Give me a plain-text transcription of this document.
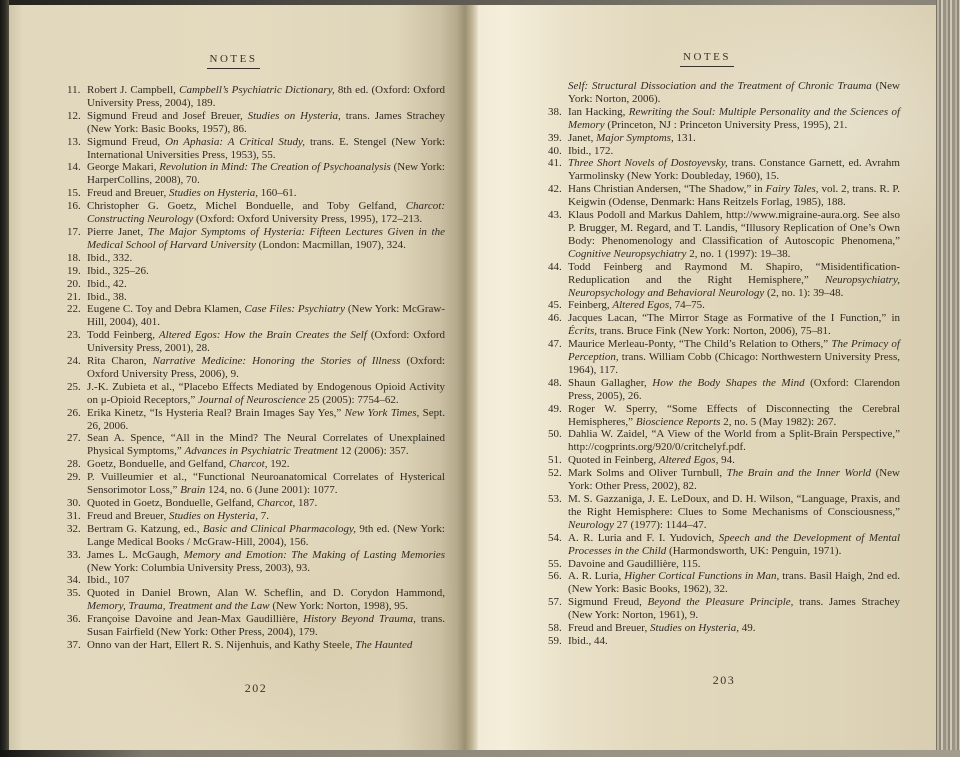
NOTES
11. Robert J. Campbell, Campbell’s Psychiatric Dictionary, 8th ed. (Oxford: Oxford University Press, 2004), 189.
12. Sigmund Freud and Josef Breuer, Studies on Hysteria, trans. James Strachey (New York: Basic Books, 1957), 86.
13. Sigmund Freud, On Aphasia: A Critical Study, trans. E. Stengel (New York: International Universities Press, 1953), 55.
14. George Makari, Revolution in Mind: The Creation of Psychoanalysis (New York: HarperCollins, 2008), 70.
15. Freud and Breuer, Studies on Hysteria, 160–61.
16. Christopher G. Goetz, Michel Bonduelle, and Toby Gelfand, Charcot: Constructing Neurology (Oxford: Oxford University Press, 1995), 172–213.
17. Pierre Janet, The Major Symptoms of Hysteria: Fifteen Lectures Given in the Medical School of Harvard University (London: Macmillan, 1907), 324.
18. Ibid., 332.
19. Ibid., 325–26.
20. Ibid., 42.
21. Ibid., 38.
22. Eugene C. Toy and Debra Klamen, Case Files: Psychiatry (New York: McGraw-Hill, 2004), 401.
23. Todd Feinberg, Altered Egos: How the Brain Creates the Self (Oxford: Oxford University Press, 2001), 28.
24. Rita Charon, Narrative Medicine: Honoring the Stories of Illness (Oxford: Oxford University Press, 2006), 9.
25. J.-K. Zubieta et al., “Placebo Effects Mediated by Endogenous Opioid Activity on μ-Opioid Receptors,” Journal of Neuroscience 25 (2005): 7754–62.
26. Erika Kinetz, “Is Hysteria Real? Brain Images Say Yes,” New York Times, Sept. 26, 2006.
27. Sean A. Spence, “All in the Mind? The Neural Correlates of Unexplained Physical Symptoms,” Advances in Psychiatric Treatment 12 (2006): 357.
28. Goetz, Bonduelle, and Gelfand, Charcot, 192.
29. P. Vuilleumier et al., “Functional Neuroanatomical Correlates of Hysterical Sensorimotor Loss,” Brain 124, no. 6 (June 2001): 1077.
30. Quoted in Goetz, Bonduelle, Gelfand, Charcot, 187.
31. Freud and Breuer, Studies on Hysteria, 7.
32. Bertram G. Katzung, ed., Basic and Clinical Pharmacology, 9th ed. (New York: Lange Medical Books / McGraw-Hill, 2004), 156.
33. James L. McGaugh, Memory and Emotion: The Making of Lasting Memories (New York: Columbia University Press, 2003), 93.
34. Ibid., 107
35. Quoted in Daniel Brown, Alan W. Scheflin, and D. Corydon Hammond, Memory, Trauma, Treatment and the Law (New York: Norton, 1998), 95.
36. Françoise Davoine and Jean-Max Gaudillière, History Beyond Trauma, trans. Susan Fairfield (New York: Other Press, 2004), 179.
37. Onno van der Hart, Ellert R. S. Nijenhuis, and Kathy Steele, The Haunted
202
NOTES
Self: Structural Dissociation and the Treatment of Chronic Trauma (New York: Norton, 2006).
38. Ian Hacking, Rewriting the Soul: Multiple Personality and the Sciences of Memory (Princeton, NJ : Princeton University Press, 1995), 21.
39. Janet, Major Symptoms, 131.
40. Ibid., 172.
41. Three Short Novels of Dostoyevsky, trans. Constance Garnett, ed. Avrahm Yarmolinsky (New York: Doubleday, 1960), 15.
42. Hans Christian Andersen, “The Shadow,” in Fairy Tales, vol. 2, trans. R. P. Keigwin (Odense, Denmark: Hans Reitzels Forlag, 1985), 188.
43. Klaus Podoll and Markus Dahlem, http://www.migraine-aura.org. See also P. Brugger, M. Regard, and T. Landis, “Illusory Replication of One’s Own Body: Phenomenology and Classification of Autoscopic Phenomena,” Cognitive Neuropsychiatry 2, no. 1 (1997): 19–38.
44. Todd Feinberg and Raymond M. Shapiro, “Misidentification-Reduplication and the Right Hemisphere,” Neuropsychiatry, Neuropsychology and Behavioral Neurology (2, no. 1): 39–48.
45. Feinberg, Altered Egos, 74–75.
46. Jacques Lacan, “The Mirror Stage as Formative of the I Function,” in Écrits, trans. Bruce Fink (New York: Norton, 2006), 75–81.
47. Maurice Merleau-Ponty, “The Child’s Relation to Others,” The Primacy of Perception, trans. William Cobb (Chicago: Northwestern University Press, 1964), 117.
48. Shaun Gallagher, How the Body Shapes the Mind (Oxford: Clarendon Press, 2005), 26.
49. Roger W. Sperry, “Some Effects of Disconnecting the Cerebral Hemispheres,” Bioscience Reports 2, no. 5 (May 1982): 267.
50. Dahlia W. Zaidel, “A View of the World from a Split-Brain Perspective,” http://cogprints.org/920/0/critchelyf.pdf.
51. Quoted in Feinberg, Altered Egos, 94.
52. Mark Solms and Oliver Turnbull, The Brain and the Inner World (New York: Other Press, 2002), 82.
53. M. S. Gazzaniga, J. E. LeDoux, and D. H. Wilson, “Language, Praxis, and the Right Hemisphere: Clues to Some Mechanisms of Consciousness,” Neurology 27 (1977): 1144–47.
54. A. R. Luria and F. I. Yudovich, Speech and the Development of Mental Processes in the Child (Harmondsworth, UK: Penguin, 1971).
55. Davoine and Gaudillière, 115.
56. A. R. Luria, Higher Cortical Functions in Man, trans. Basil Haigh, 2nd ed. (New York: Basic Books, 1962), 32.
57. Sigmund Freud, Beyond the Pleasure Principle, trans. James Strachey (New York: Norton, 1961), 9.
58. Freud and Breuer, Studies on Hysteria, 49.
59. Ibid., 44.
203
